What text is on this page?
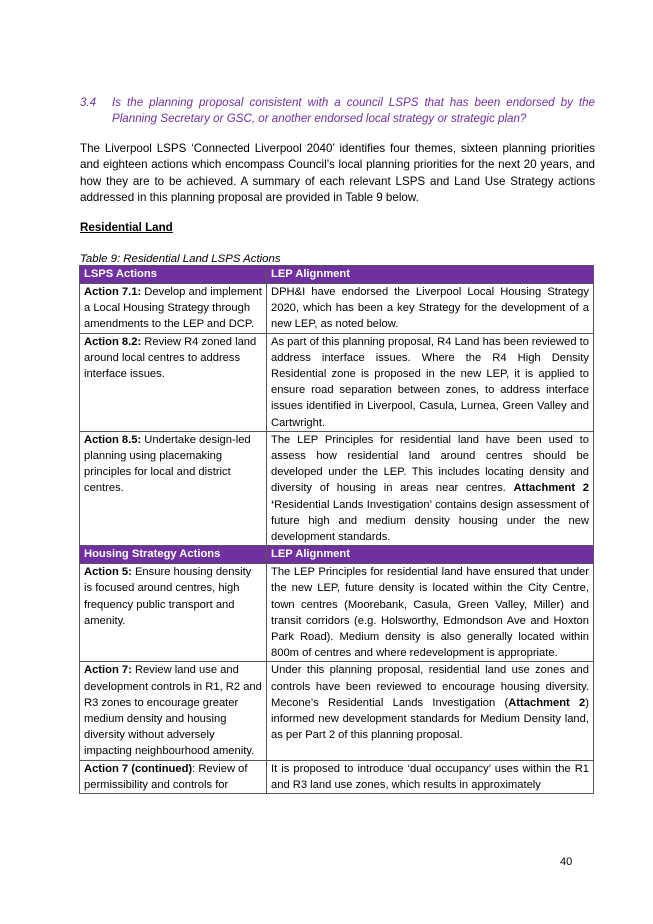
3.4	Is the planning proposal consistent with a council LSPS that has been endorsed by the Planning Secretary or GSC, or another endorsed local strategy or strategic plan?
The Liverpool LSPS ‘Connected Liverpool 2040’ identifies four themes, sixteen planning priorities and eighteen actions which encompass Council’s local planning priorities for the next 20 years, and how they are to be achieved. A summary of each relevant LSPS and Land Use Strategy actions addressed in this planning proposal are provided in Table 9 below.
Residential Land
Table 9: Residential Land LSPS Actions
LSPS Actions	LEP Alignment
Action 7.1: Develop and implement a Local Housing Strategy through amendments to the LEP and DCP.	DPH&I have endorsed the Liverpool Local Housing Strategy 2020, which has been a key Strategy for the development of a new LEP, as noted below.
Action 8.2: Review R4 zoned land around local centres to address interface issues.	As part of this planning proposal, R4 Land has been reviewed to address interface issues. Where the R4 High Density Residential zone is proposed in the new LEP, it is applied to ensure road separation between zones, to address interface issues identified in Liverpool, Casula, Lurnea, Green Valley and Cartwright.
Action 8.5: Undertake design-led planning using placemaking principles for local and district centres.	The LEP Principles for residential land have been used to assess how residential land around centres should be developed under the LEP. This includes locating density and diversity of housing in areas near centres. Attachment 2 ‘Residential Lands Investigation’ contains design assessment of future high and medium density housing under the new development standards.
Housing Strategy Actions	LEP Alignment
Action 5: Ensure housing density is focused around centres, high frequency public transport and amenity.	The LEP Principles for residential land have ensured that under the new LEP, future density is located within the City Centre, town centres (Moorebank, Casula, Green Valley, Miller) and transit corridors (e.g. Holsworthy, Edmondson Ave and Hoxton Park Road). Medium density is also generally located within 800m of centres and where redevelopment is appropriate.
Action 7: Review land use and development controls in R1, R2 and R3 zones to encourage greater medium density and housing diversity without adversely impacting neighbourhood amenity.	Under this planning proposal, residential land use zones and controls have been reviewed to encourage housing diversity. Mecone’s Residential Lands Investigation (Attachment 2) informed new development standards for Medium Density land, as per Part 2 of this planning proposal.
Action 7 (continued): Review of permissibility and controls for	It is proposed to introduce ‘dual occupancy’ uses within the R1 and R3 land use zones, which results in approximately
40
